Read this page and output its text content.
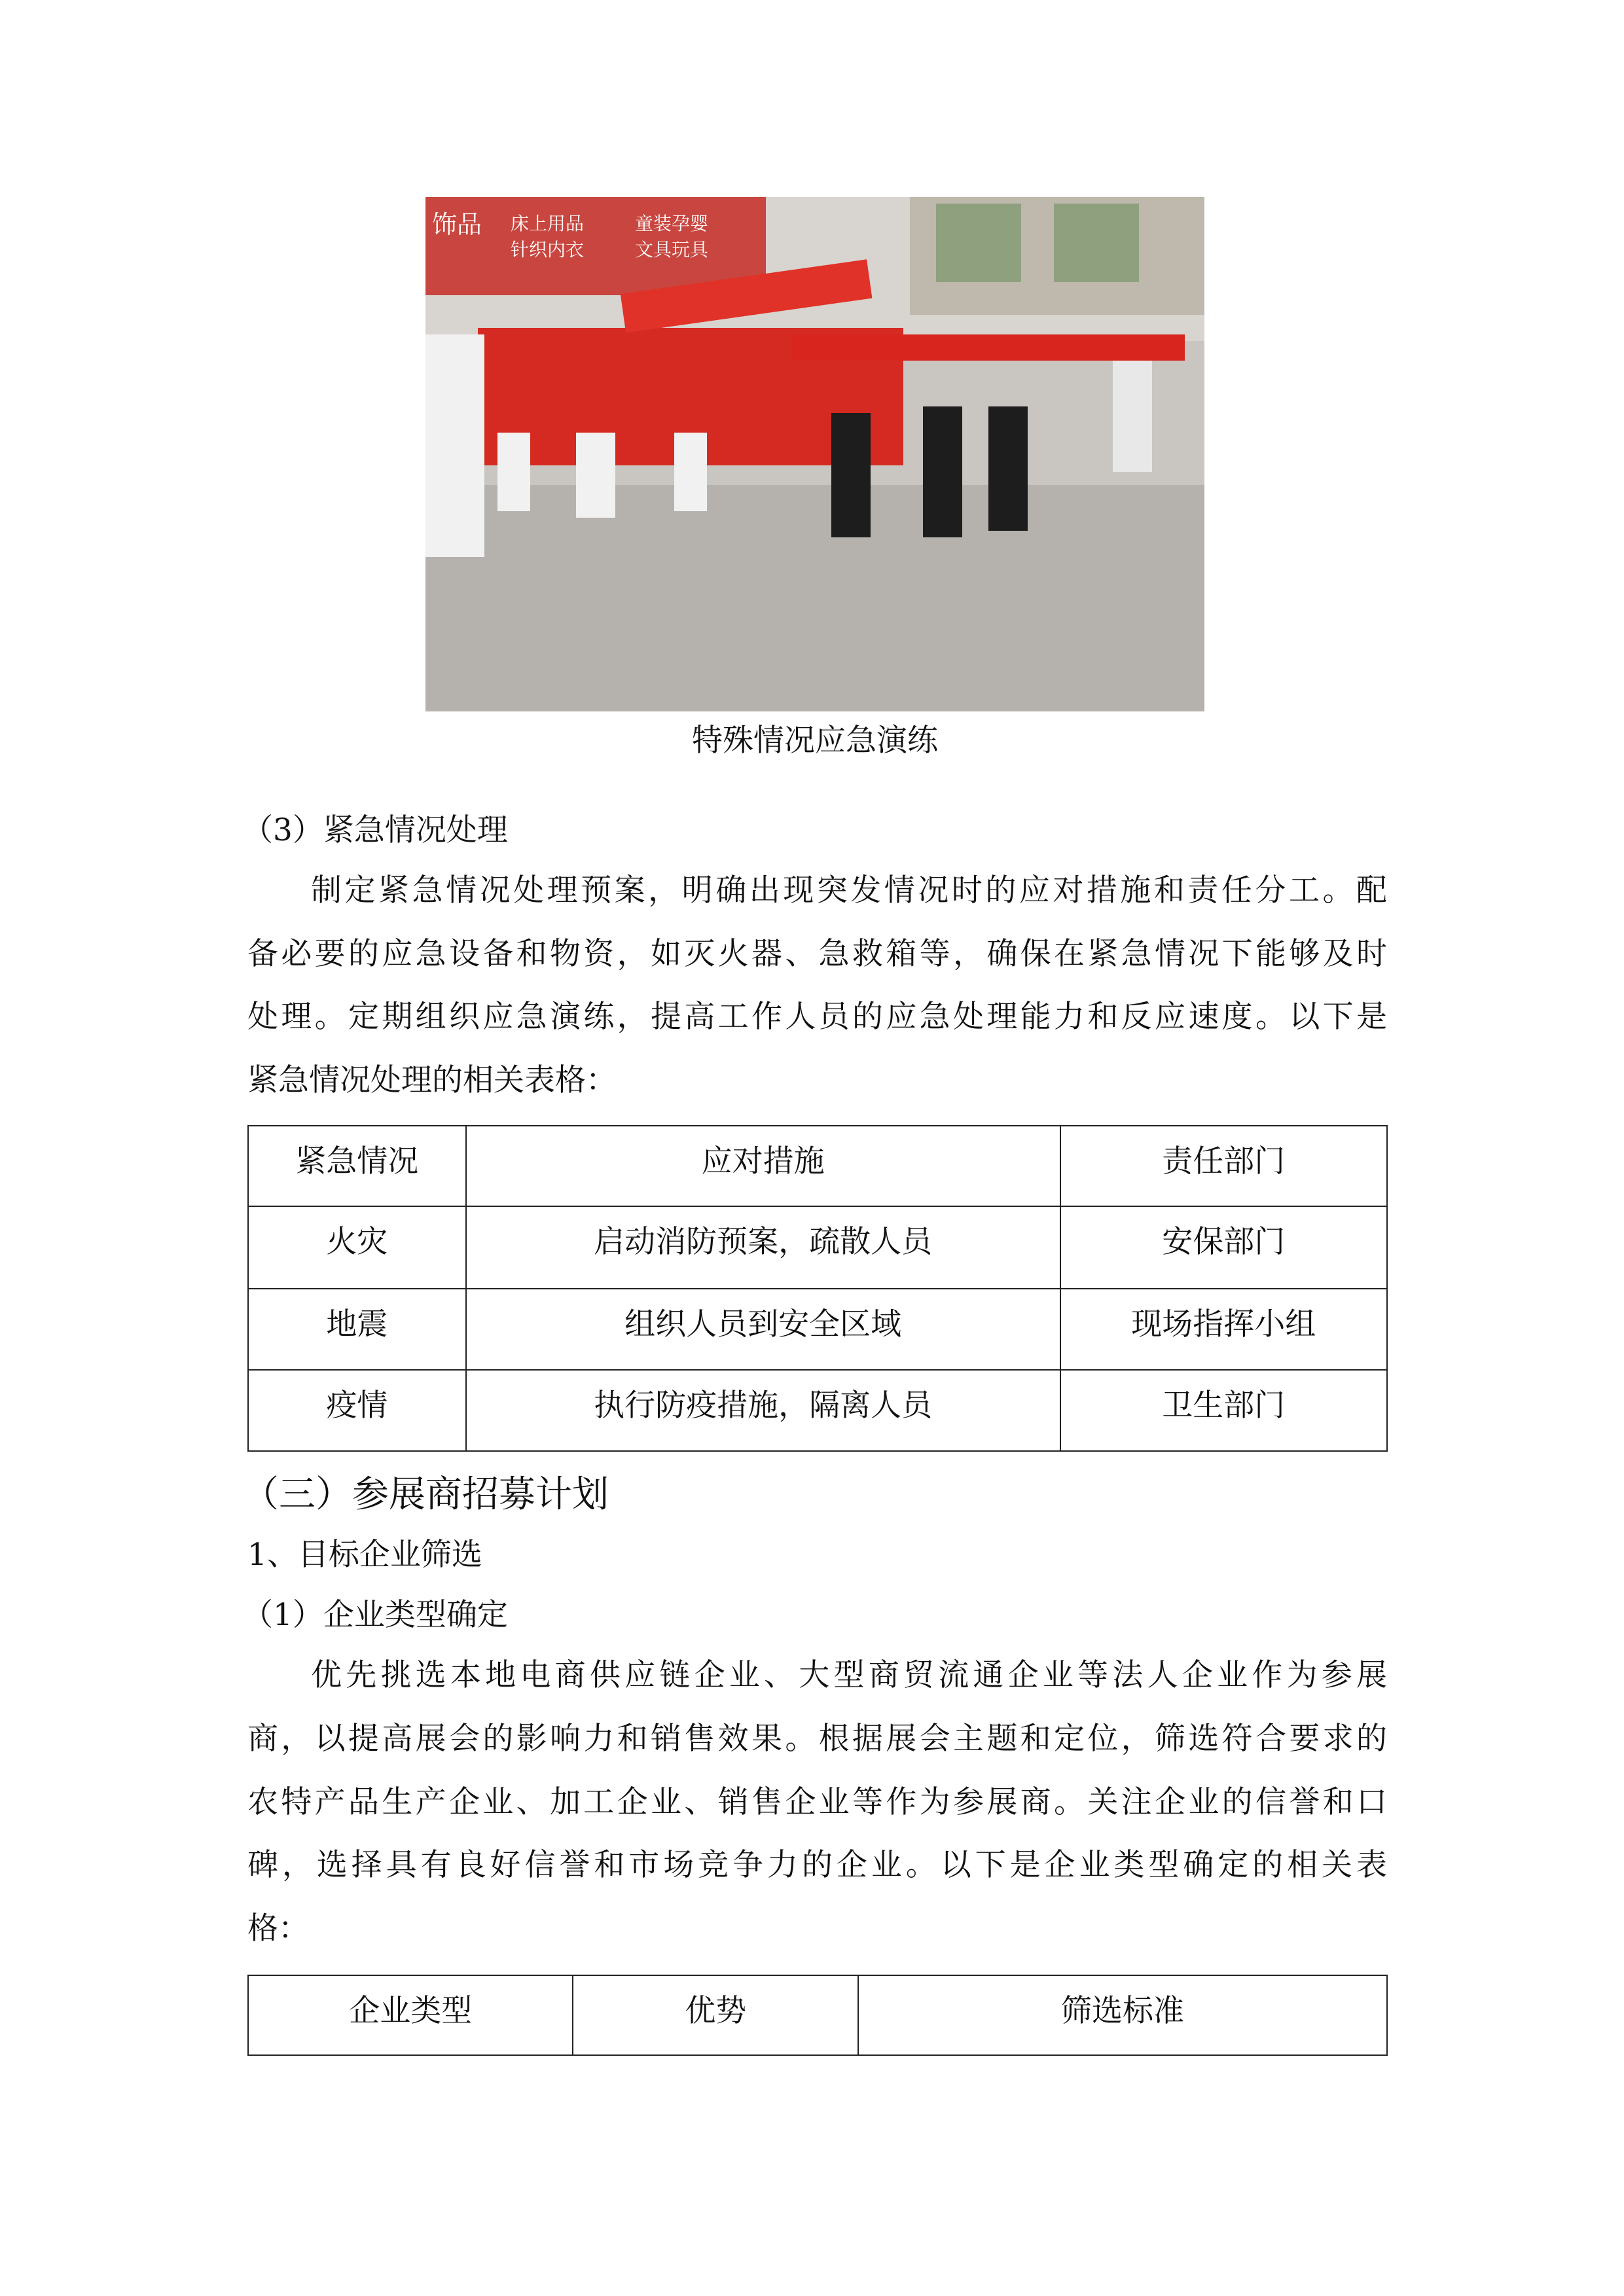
饰品 床上用品
针织内衣
童装孕婴
文具玩具
特殊情况应急演练
（3）紧急情况处理
制定紧急情况处理预案，明确出现突发情况时的应对措施和责任分工。配
备必要的应急设备和物资，如灭火器、急救箱等，确保在紧急情况下能够及时
处理。定期组织应急演练，提高工作人员的应急处理能力和反应速度。以下是
紧急情况处理的相关表格：
紧急情况	应对措施	责任部门
火灾	启动消防预案，疏散人员	安保部门
地震	组织人员到安全区域	现场指挥小组
疫情	执行防疫措施，隔离人员	卫生部门
（三）参展商招募计划
1、目标企业筛选
（1）企业类型确定
优先挑选本地电商供应链企业、大型商贸流通企业等法人企业作为参展
商，以提高展会的影响力和销售效果。根据展会主题和定位，筛选符合要求的
农特产品生产企业、加工企业、销售企业等作为参展商。关注企业的信誉和口
碑，选择具有良好信誉和市场竞争力的企业。以下是企业类型确定的相关表
格：
企业类型	优势	筛选标准
